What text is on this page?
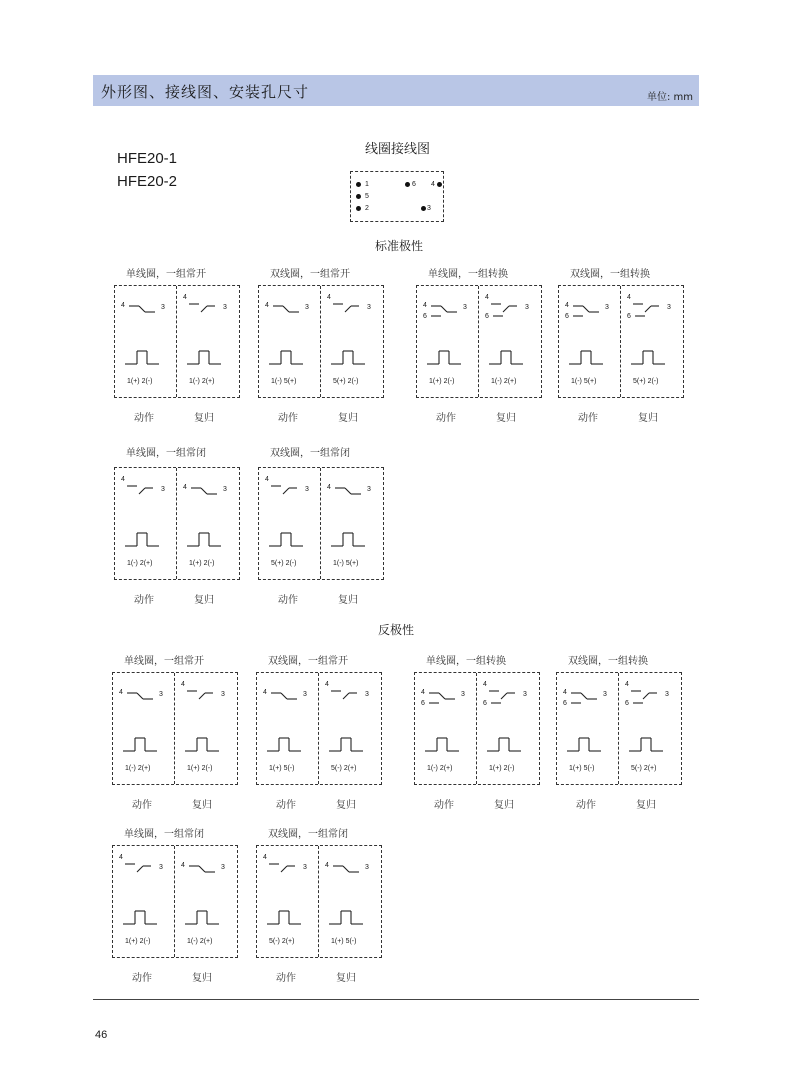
外形图、接线图、安装孔尺寸	单位: mm
HFE20-1
HFE20-2
线圈接线图
1
5
2
6 4
3
标准极性
反极性
单线圈，一组常开
4	3
1(+) 2(-)
4
3
1(-) 2(+)
动作	复归
双线圈，一组常开
4	3
1(-) 5(+)
4
3
5(+) 2(-)
动作	复归
单线圈，一组转换
4	3
6
1(+) 2(-)
4
3
6
1(-) 2(+)
动作	复归
双线圈，一组转换
4	3
6
1(-) 5(+)
4
3
6
5(+) 2(-)
动作	复归
单线圈，一组常闭
4
3
1(-) 2(+)
4	3
1(+) 2(-)
动作	复归
双线圈，一组常闭
4
3
5(+) 2(-)
4	3
1(-) 5(+)
动作	复归
单线圈，一组常开
4	3
1(-) 2(+)
4
3
1(+) 2(-)
动作	复归
双线圈，一组常开
4	3
1(+) 5(-)
4
3
5(-) 2(+)
动作	复归
单线圈，一组转换
4	3
6
1(-) 2(+)
4
3
6
1(+) 2(-)
动作	复归
双线圈，一组转换
4	3
6
1(+) 5(-)
4
3
6
5(-) 2(+)
动作	复归
单线圈，一组常闭
4
3
1(+) 2(-)
4	3
1(-) 2(+)
动作	复归
双线圈，一组常闭
4
3
5(-) 2(+)
4	3
1(+) 5(-)
动作	复归
46
